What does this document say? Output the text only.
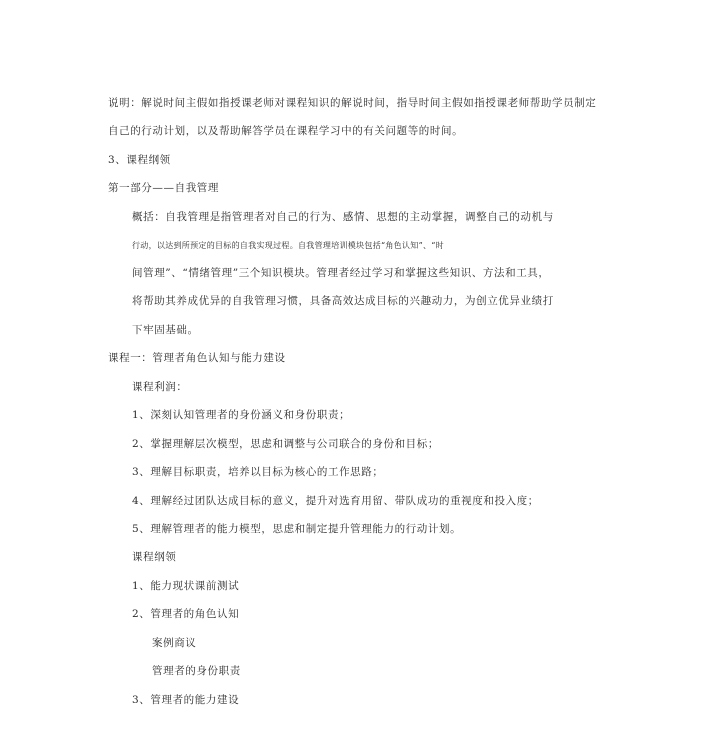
说明：解说时间主假如指授课老师对课程知识的解说时间，指导时间主假如指授课老师帮助学员制定
自己的行动计划，以及帮助解答学员在课程学习中的有关问题等的时间。
3、课程纲领
第一部分——自我管理
概括：自我管理是指管理者对自己的行为、感情、思想的主动掌握，调整自己的动机与
行动，以达到所预定的目标的自我实现过程。自我管理培训模块包括“角色认知”、“时
间管理”、“情绪管理”三个知识模块。管理者经过学习和掌握这些知识、方法和工具，
将帮助其养成优异的自我管理习惯，具备高效达成目标的兴趣动力，为创立优异业绩打
下牢固基础。
课程一：管理者角色认知与能力建设
课程利润：
1、深刻认知管理者的身份涵义和身份职责；
2、掌握理解层次模型，思虑和调整与公司联合的身份和目标；
3、理解目标职责，培养以目标为核心的工作思路；
4、理解经过团队达成目标的意义，提升对选育用留、带队成功的重视度和投入度；
5、理解管理者的能力模型，思虑和制定提升管理能力的行动计划。
课程纲领
1、能力现状课前测试
2、管理者的角色认知
案例商议
管理者的身份职责
3、管理者的能力建设
